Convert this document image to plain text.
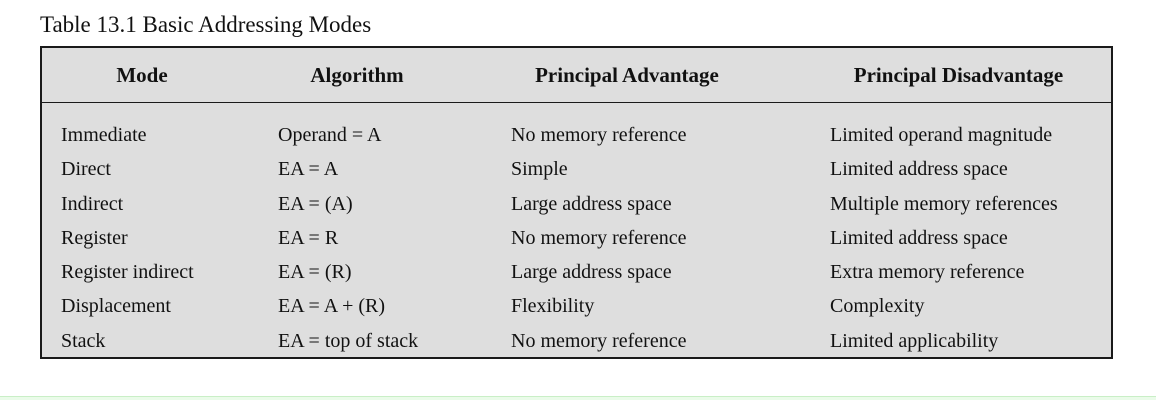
Table 13.1 Basic Addressing Modes
Mode	Algorithm	Principal Advantage	Principal Disadvantage
Immediate	Operand = A	No memory reference	Limited operand magnitude
Direct	EA = A	Simple	Limited address space
Indirect	EA = (A)	Large address space	Multiple memory references
Register	EA = R	No memory reference	Limited address space
Register indirect	EA = (R)	Large address space	Extra memory reference
Displacement	EA = A + (R)	Flexibility	Complexity
Stack	EA = top of stack	No memory reference	Limited applicability
